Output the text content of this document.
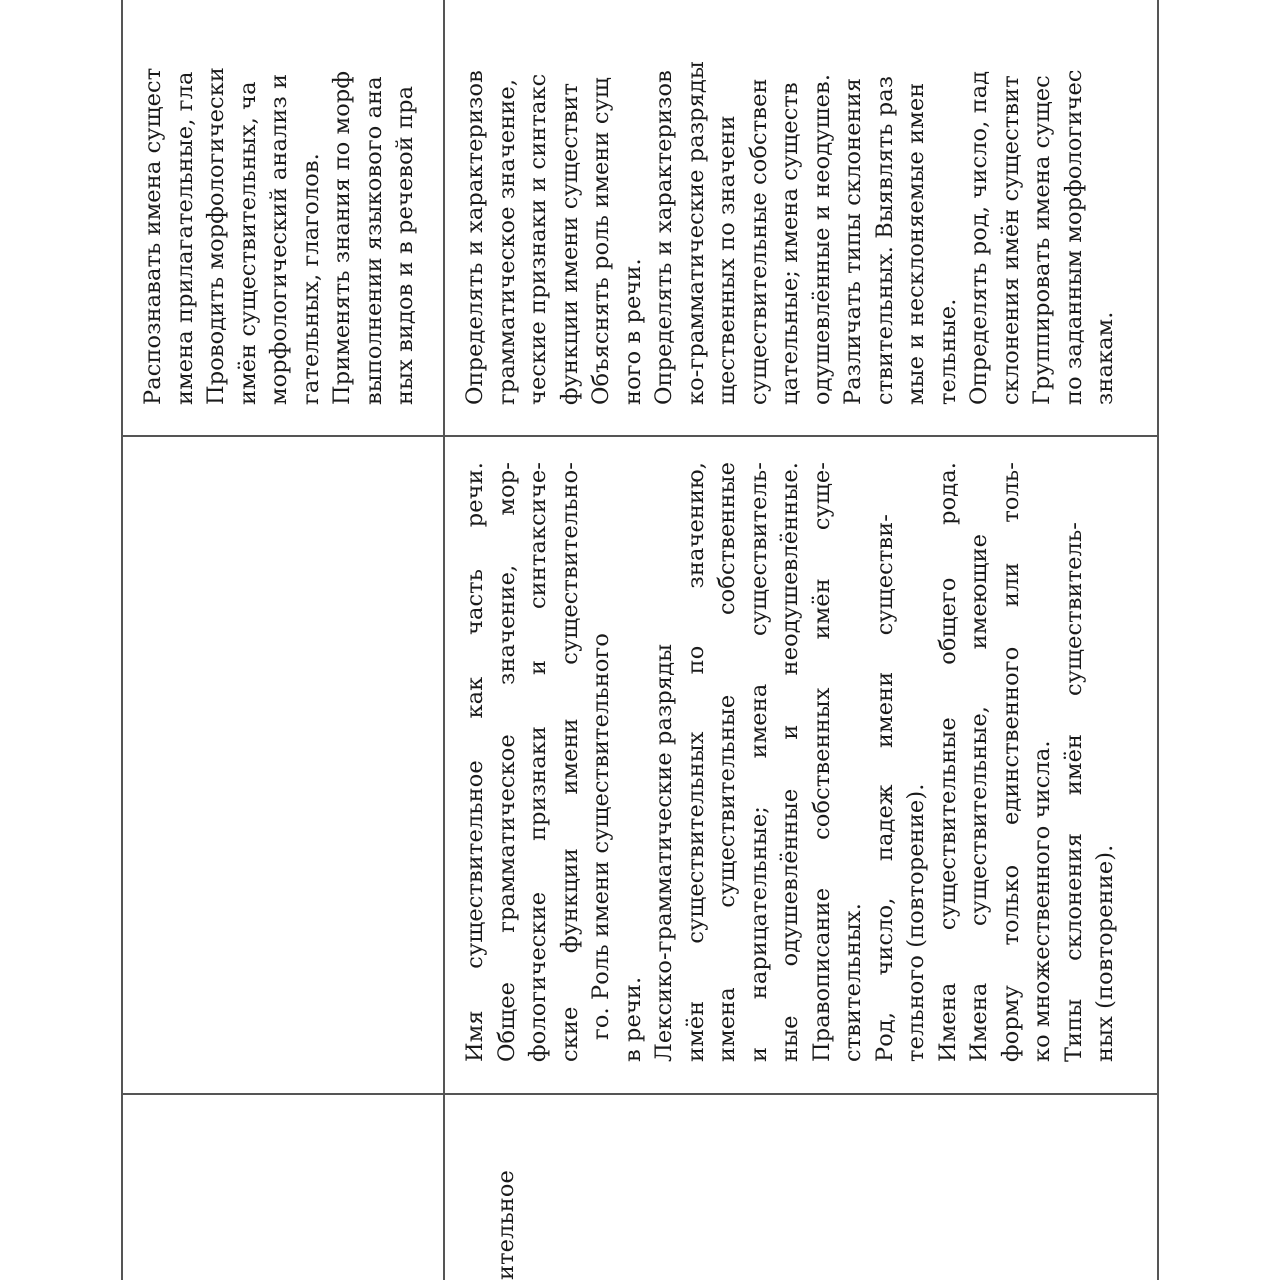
ительное
Имя существительное как часть речи. Общее грамматическое значение, мор- фологические признаки и синтаксиче- ские функции имени существительно- го. Роль имени существительного в речи. Лексико-грамматические разряды имён существительных по значению, имена существительные собственные и нарицательные; имена существитель- ные одушевлённые и неодушевлённые. Правописание собственных имён суще- ствительных. Род, число, падеж имени существи- тельного (повторение). Имена существительные общего рода. Имена существительные, имеющие форму только единственного или толь- ко множественного числа. Типы склонения имён существитель- ных (повторение).
Распознавать имена сущест имена прилагательные, гла Проводить морфологически имён существительных, ча морфологический анализ и гательных, глаголов. Применять знания по морф выполнении языкового ана ных видов и в речевой пра Определять и характеризов грамматическое значение, ческие признаки и синтакс функции имени существит Объяснять роль имени сущ ного в речи. Определять и характеризов ко-грамматические разряды щественных по значени существительные собствен цательные; имена существ одушевлённые и неодушев. Различать типы склонения ствительных. Выявлять раз мые и несклоняемые имен тельные. Определять род, число, пад склонения имён существит Группировать имена сущес по заданным морфологичес знакам.
